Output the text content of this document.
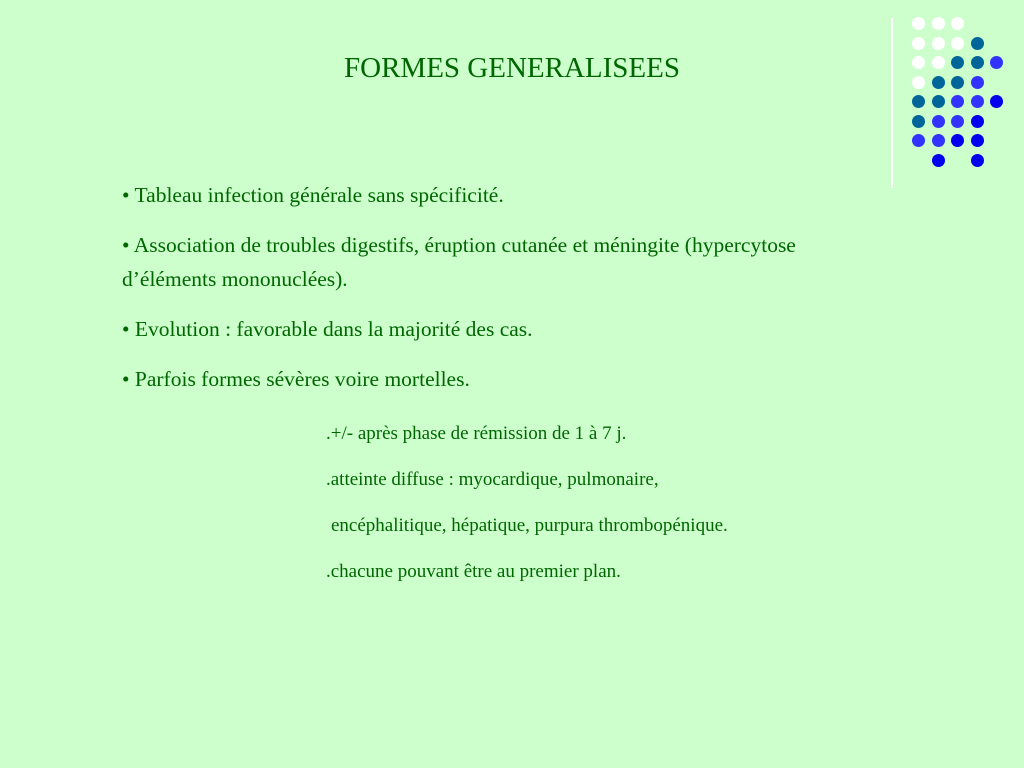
FORMES GENERALISEES
• Tableau infection générale sans spécificité.
• Association de troubles digestifs, éruption cutanée et méningite (hypercytose d’éléments mononuclées).
• Evolution : favorable dans la majorité des cas.
• Parfois formes sévères voire mortelles.
.+/- après phase de rémission de 1 à 7 j.
.atteinte diffuse : myocardique, pulmonaire,
encéphalitique, hépatique, purpura thrombopénique.
.chacune pouvant être au premier plan.
